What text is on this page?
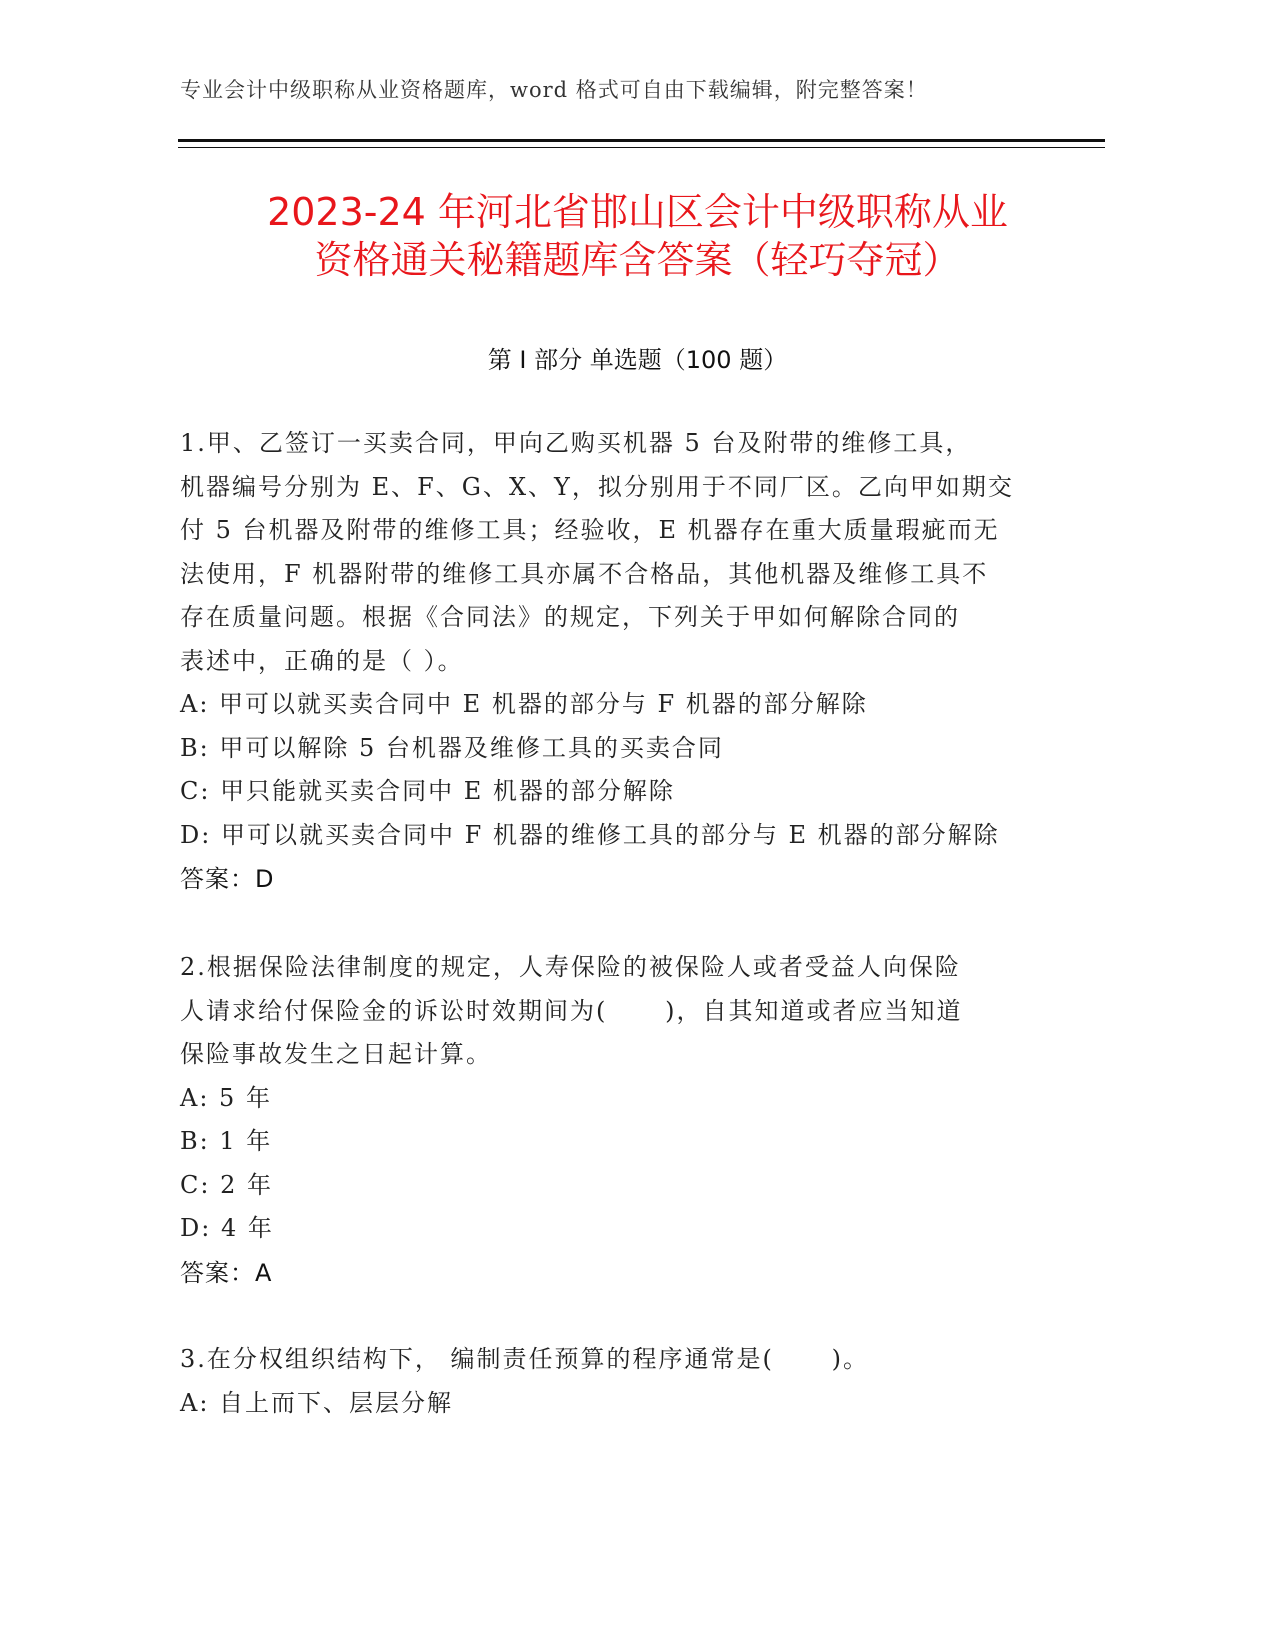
专业会计中级职称从业资格题库，word 格式可自由下载编辑，附完整答案！
2023-24 年河北省邯山区会计中级职称从业
资格通关秘籍题库含答案（轻巧夺冠）
第 I 部分 单选题（100 题）
1.甲、乙签订一买卖合同，甲向乙购买机器 5 台及附带的维修工具，
机器编号分别为 E、F、G、X、Y，拟分别用于不同厂区。乙向甲如期交
付 5 台机器及附带的维修工具；经验收，E 机器存在重大质量瑕疵而无
法使用，F 机器附带的维修工具亦属不合格品，其他机器及维修工具不
存在质量问题。根据《合同法》的规定，下列关于甲如何解除合同的
表述中，正确的是（ ）。
A: 甲可以就买卖合同中 E 机器的部分与 F 机器的部分解除
B: 甲可以解除 5 台机器及维修工具的买卖合同
C: 甲只能就买卖合同中 E 机器的部分解除
D: 甲可以就买卖合同中 F 机器的维修工具的部分与 E 机器的部分解除
答案：D
2.根据保险法律制度的规定，人寿保险的被保险人或者受益人向保险
人请求给付保险金的诉讼时效期间为(      )，自其知道或者应当知道
保险事故发生之日起计算。
A: 5 年
B: 1 年
C: 2 年
D: 4 年
答案：A
3.在分权组织结构下， 编制责任预算的程序通常是(      )。
A: 自上而下、层层分解
